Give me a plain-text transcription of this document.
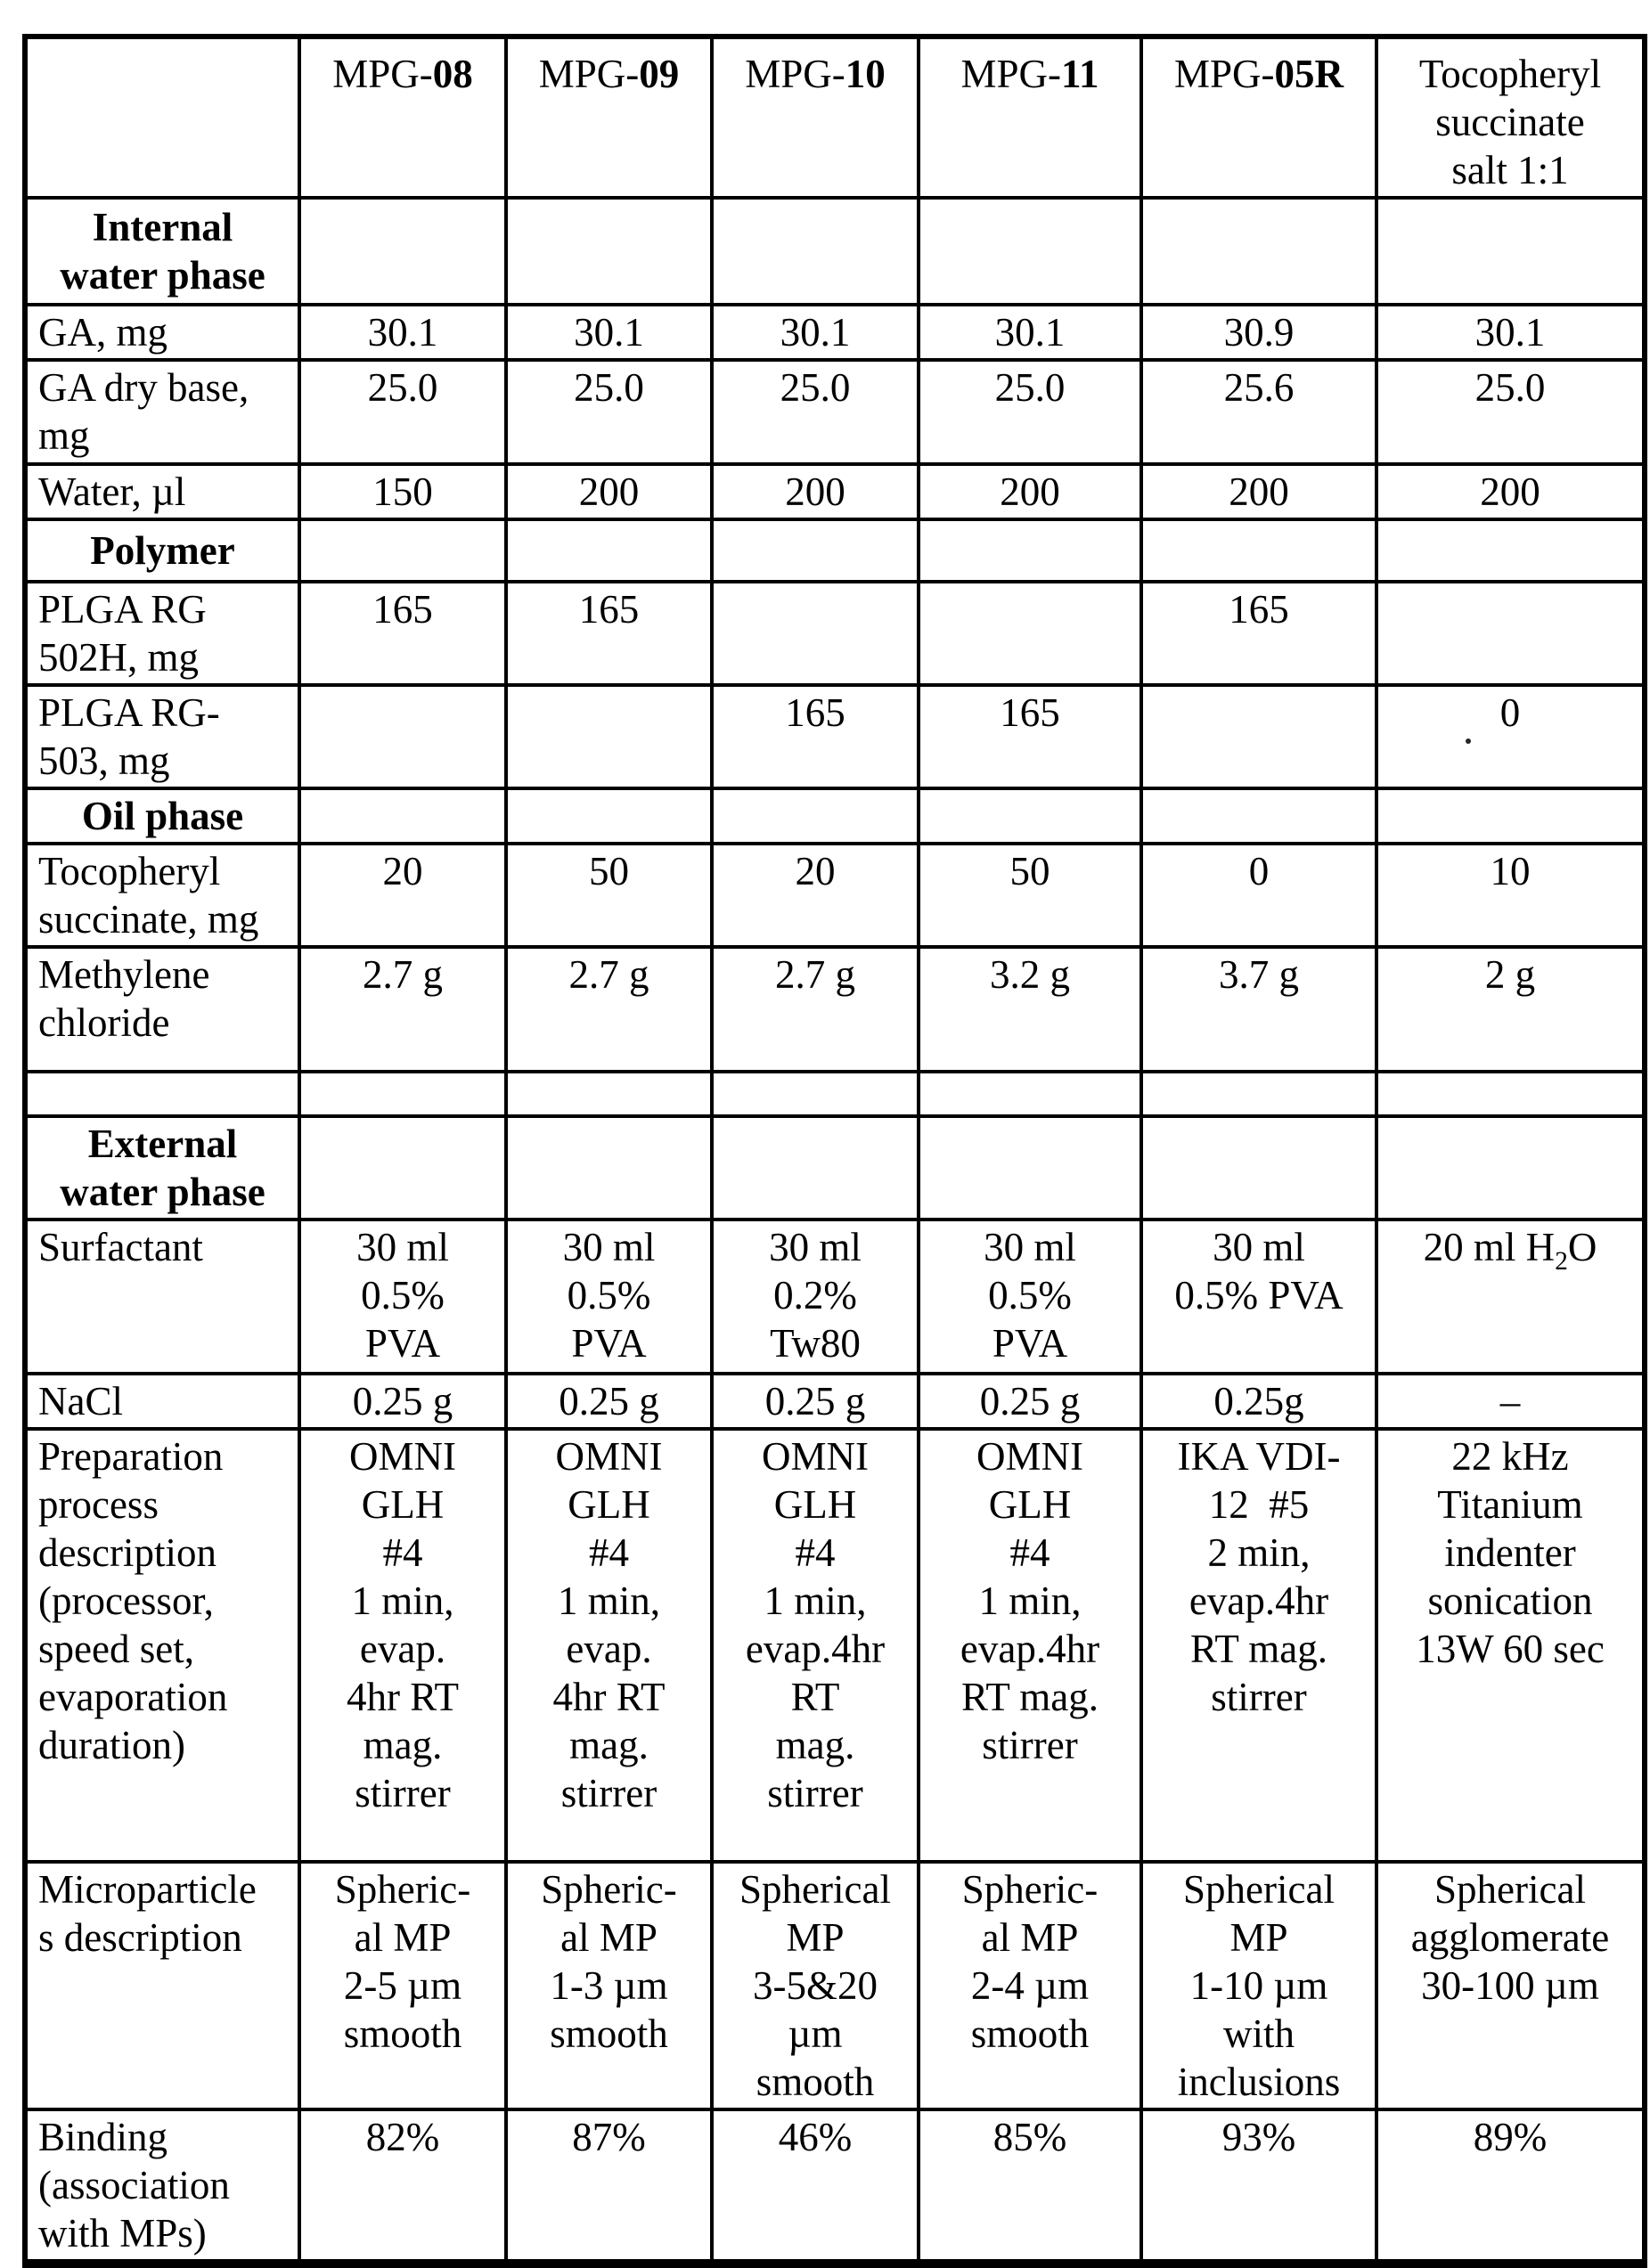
	MPG-08	MPG-09	MPG-10	MPG-11	MPG-05R	Tocopheryl
succinate
salt 1:1
Internal
water phase						
GA, mg	30.1	30.1	30.1	30.1	30.9	30.1
GA dry base,
mg	25.0	25.0	25.0	25.0	25.6	25.0
Water, µl	150	200	200	200	200	200
Polymer						
PLGA RG
502H, mg	165	165			165	
PLGA RG-
503, mg			165	165		0

Oil phase						
Tocopheryl
succinate, mg	20	50	20	50	0	10
Methylene
chloride	2.7 g	2.7 g	2.7 g	3.2 g	3.7 g	2 g

External
water phase						
Surfactant	30 ml
0.5%
PVA	30 ml
0.5%
PVA	30 ml
0.2%
Tw80	30 ml
0.5%
PVA	30 ml
0.5% PVA	20 ml $H_2O$
NaCl	0.25 g	0.25 g	0.25 g	0.25 g	0.25g	–
Preparation
process
description
(processor,
speed set,
evaporation
duration)	OMNI
GLH
#4
1 min,
evap.
4hr RT
mag.
stirrer	OMNI
GLH
#4
1 min,
evap.
4hr RT
mag.
stirrer	OMNI
GLH
#4
1 min,
evap.4hr
RT
mag.
stirrer	OMNI
GLH
#4
1 min,
evap.4hr
RT mag.
stirrer	IKA VDI-
12  #5
2 min,
evap.4hr
RT mag.
stirrer	22 kHz
Titanium
indenter
sonication
13W 60 sec
Microparticle
s description	Spheric-
al MP
2-5 µm
smooth	Spheric-
al MP
1-3 µm
smooth	Spherical
MP
3-5&20
µm
smooth	Spheric-
al MP
2-4 µm
smooth	Spherical
MP
1-10 µm
with
inclusions	Spherical
agglomerate
30-100 µm
Binding
(association
with MPs)	82%	87%	46%	85%	93%	89%
